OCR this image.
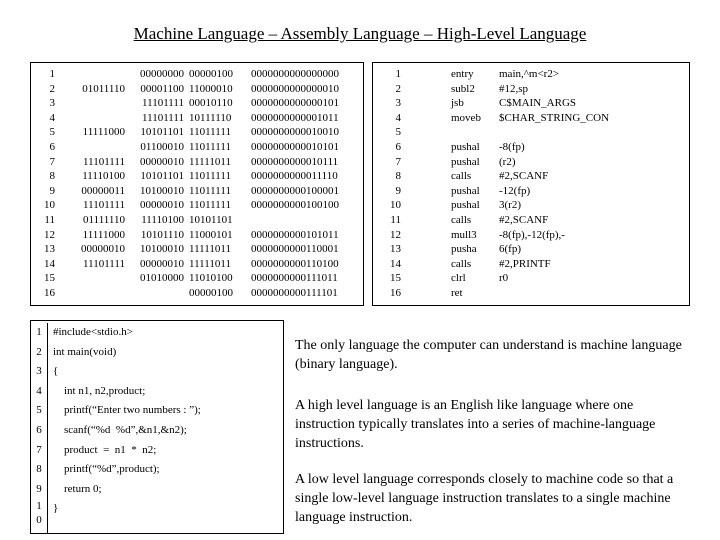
Machine Language – Assembly Language – High-Level Language
1
2
3
4
5
6
7
8
9
10
11
12
13
14
15
16
01011110
11111000
11101111
11110100
00000011
11101111
01111110
11111000
00000010
11101111
00000000
00001100
11101111
11101111
10101101
01100010
00000010
10101101
10100010
00000010
11110100
10101110
10100010
00000010
01010000
00000100
11000010
00010110
10111110
11011111
11011111
11111011
11011111
11011111
11011111
10101101
11000101
11111011
11111011
11010100
00000100
0000000000000000
0000000000000010
0000000000000101
0000000000001011
0000000000010010
0000000000010101
0000000000010111
0000000000011110
0000000000100001
0000000000100100
0000000000101011
0000000000110001
0000000000110100
0000000000111011
0000000000111101
1
2
3
4
5
6
7
8
9
10
11
12
13
14
15
16
entry
subl2
jsb
moveb
pushal
pushal
calls
pushal
pushal
calls
mull3
pusha
calls
clrl
ret
main,^m<r2>
#12,sp
C$MAIN_ARGS
$CHAR_STRING_CON
-8(fp)
(r2)
#2,SCANF
-12(fp)
3(r2)
#2,SCANF
-8(fp),-12(fp),-
6(fp)
#2,PRINTF
r0
1
2
3
4
5
6
7
8
9
1
0
#include<stdio.h>
int main(void)
{
int n1, n2,product;
printf(“Enter two numbers : ”);
scanf(“%d  %d”,&n1,&n2);
product  =  n1  *  n2;
printf(“%d”,product);
return 0;
}
The only language the computer can understand is machine language (binary language).
A high level language is an English like language where one instruction typically translates into a series of machine-language instructions.
A low level language corresponds closely to machine code so that a single low-level language instruction translates to a single machine language instruction.
